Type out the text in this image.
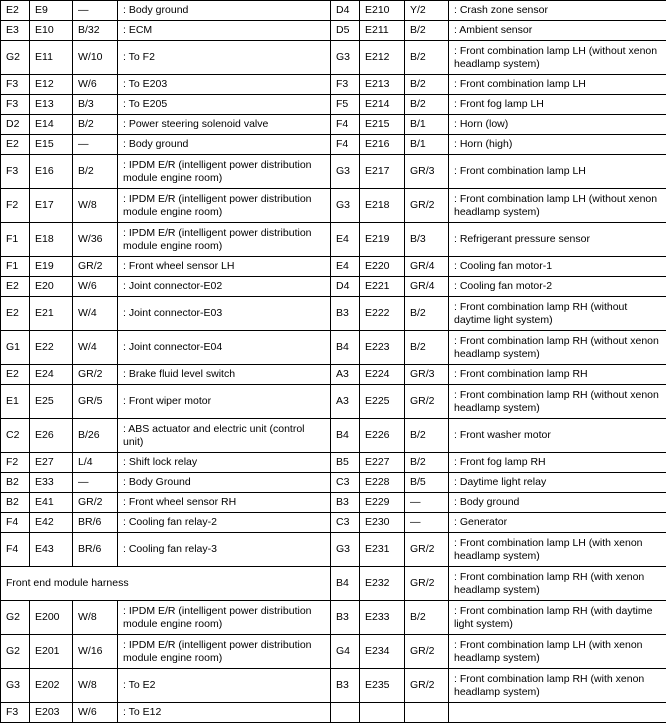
E2	E9	—	: Body ground	D4	E210	Y/2	: Crash zone sensor
E3	E10	B/32	: ECM	D5	E211	B/2	: Ambient sensor
G2	E11	W/10	: To F2	G3	E212	B/2	: Front combination lamp LH (without xenon headlamp system)
F3	E12	W/6	: To E203	F3	E213	B/2	: Front combination lamp LH
F3	E13	B/3	: To E205	F5	E214	B/2	: Front fog lamp LH
D2	E14	B/2	: Power steering solenoid valve	F4	E215	B/1	: Horn (low)
E2	E15	—	: Body ground	F4	E216	B/1	: Horn (high)
F3	E16	B/2	: IPDM E/R (intelligent power distribution module engine room)	G3	E217	GR/3	: Front combination lamp LH
F2	E17	W/8	: IPDM E/R (intelligent power distribution module engine room)	G3	E218	GR/2	: Front combination lamp LH (without xenon headlamp system)
F1	E18	W/36	: IPDM E/R (intelligent power distribution module engine room)	E4	E219	B/3	: Refrigerant pressure sensor
F1	E19	GR/2	: Front wheel sensor LH	E4	E220	GR/4	: Cooling fan motor-1
E2	E20	W/6	: Joint connector-E02	D4	E221	GR/4	: Cooling fan motor-2
E2	E21	W/4	: Joint connector-E03	B3	E222	B/2	: Front combination lamp RH (without daytime light system)
G1	E22	W/4	: Joint connector-E04	B4	E223	B/2	: Front combination lamp RH (without xenon headlamp system)
E2	E24	GR/2	: Brake fluid level switch	A3	E224	GR/3	: Front combination lamp RH
E1	E25	GR/5	: Front wiper motor	A3	E225	GR/2	: Front combination lamp RH (without xenon headlamp system)
C2	E26	B/26	: ABS actuator and electric unit (control unit)	B4	E226	B/2	: Front washer motor
F2	E27	L/4	: Shift lock relay	B5	E227	B/2	: Front fog lamp RH
B2	E33	—	: Body Ground	C3	E228	B/5	: Daytime light relay
B2	E41	GR/2	: Front wheel sensor RH	B3	E229	—	: Body ground
F4	E42	BR/6	: Cooling fan relay-2	C3	E230	—	: Generator
F4	E43	BR/6	: Cooling fan relay-3	G3	E231	GR/2	: Front combination lamp LH (with xenon headlamp system)
Front end module harness				B4	E232	GR/2	: Front combination lamp RH (with xenon headlamp system)
G2	E200	W/8	: IPDM E/R (intelligent power distribution module engine room)	B3	E233	B/2	: Front combination lamp RH (with daytime light system)
G2	E201	W/16	: IPDM E/R (intelligent power distribution module engine room)	G4	E234	GR/2	: Front combination lamp LH (with xenon headlamp system)
G3	E202	W/8	: To E2	B3	E235	GR/2	: Front combination lamp RH (with xenon headlamp system)
F3	E203	W/6	: To E12				
